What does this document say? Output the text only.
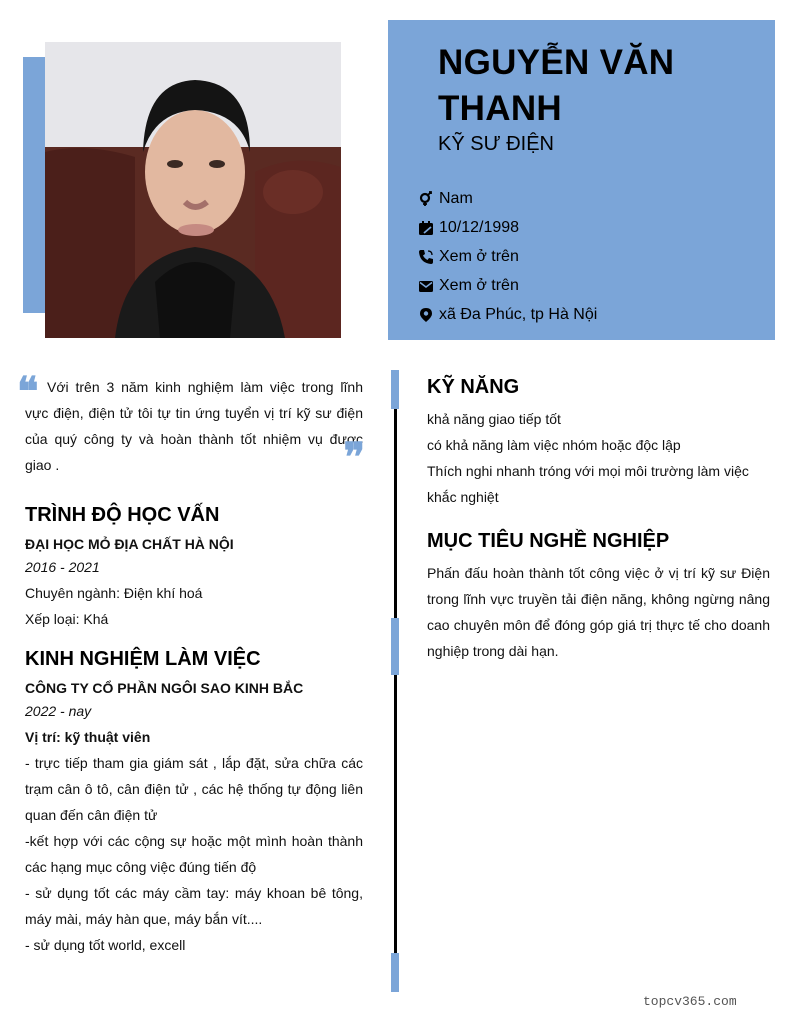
NGUYỄN VĂN THANH
KỸ SƯ ĐIỆN
Nam
10/12/1998
Xem ở trên
Xem ở trên
xã Đa Phúc, tp Hà Nội
❝ Với trên 3 năm kinh nghiệm làm việc trong lĩnh vực điện, điện tử tôi tự tin ứng tuyển vị trí kỹ sư điện của quý công ty và hoàn thành tốt nhiệm vụ được giao .	❞
TRÌNH ĐỘ HỌC VẤN
ĐẠI HỌC MỎ ĐỊA CHẤT HÀ NỘI
2016 - 2021
Chuyên ngành: Điện khí hoá
Xếp loại: Khá
KINH NGHIỆM LÀM VIỆC
CÔNG TY CỔ PHẦN NGÔI SAO KINH BẮC
2022 - nay
Vị trí: kỹ thuật viên
- trực tiếp tham gia giám sát , lắp đặt, sửa chữa các trạm cân ô tô, cân điện tử , các hệ thống tự động liên quan đến cân điện tử
-kết hợp với các cộng sự hoặc một mình hoàn thành các hạng mục công việc đúng tiến độ
- sử dụng tốt các máy cầm tay: máy khoan bê tông, máy mài, máy hàn que, máy bắn vít....
- sử dụng tốt world, excell
KỸ NĂNG
khả năng giao tiếp tốt
có khả năng làm việc nhóm hoặc độc lập
Thích nghi nhanh tróng với mọi môi trường làm việc khắc nghiệt
MỤC TIÊU NGHỀ NGHIỆP
Phấn đấu hoàn thành tốt công việc ở vị trí kỹ sư Điện trong lĩnh vực truyền tải điện năng, không ngừng nâng cao chuyên môn để đóng góp giá trị thực tế cho doanh nghiệp trong dài hạn.
topcv365.com
